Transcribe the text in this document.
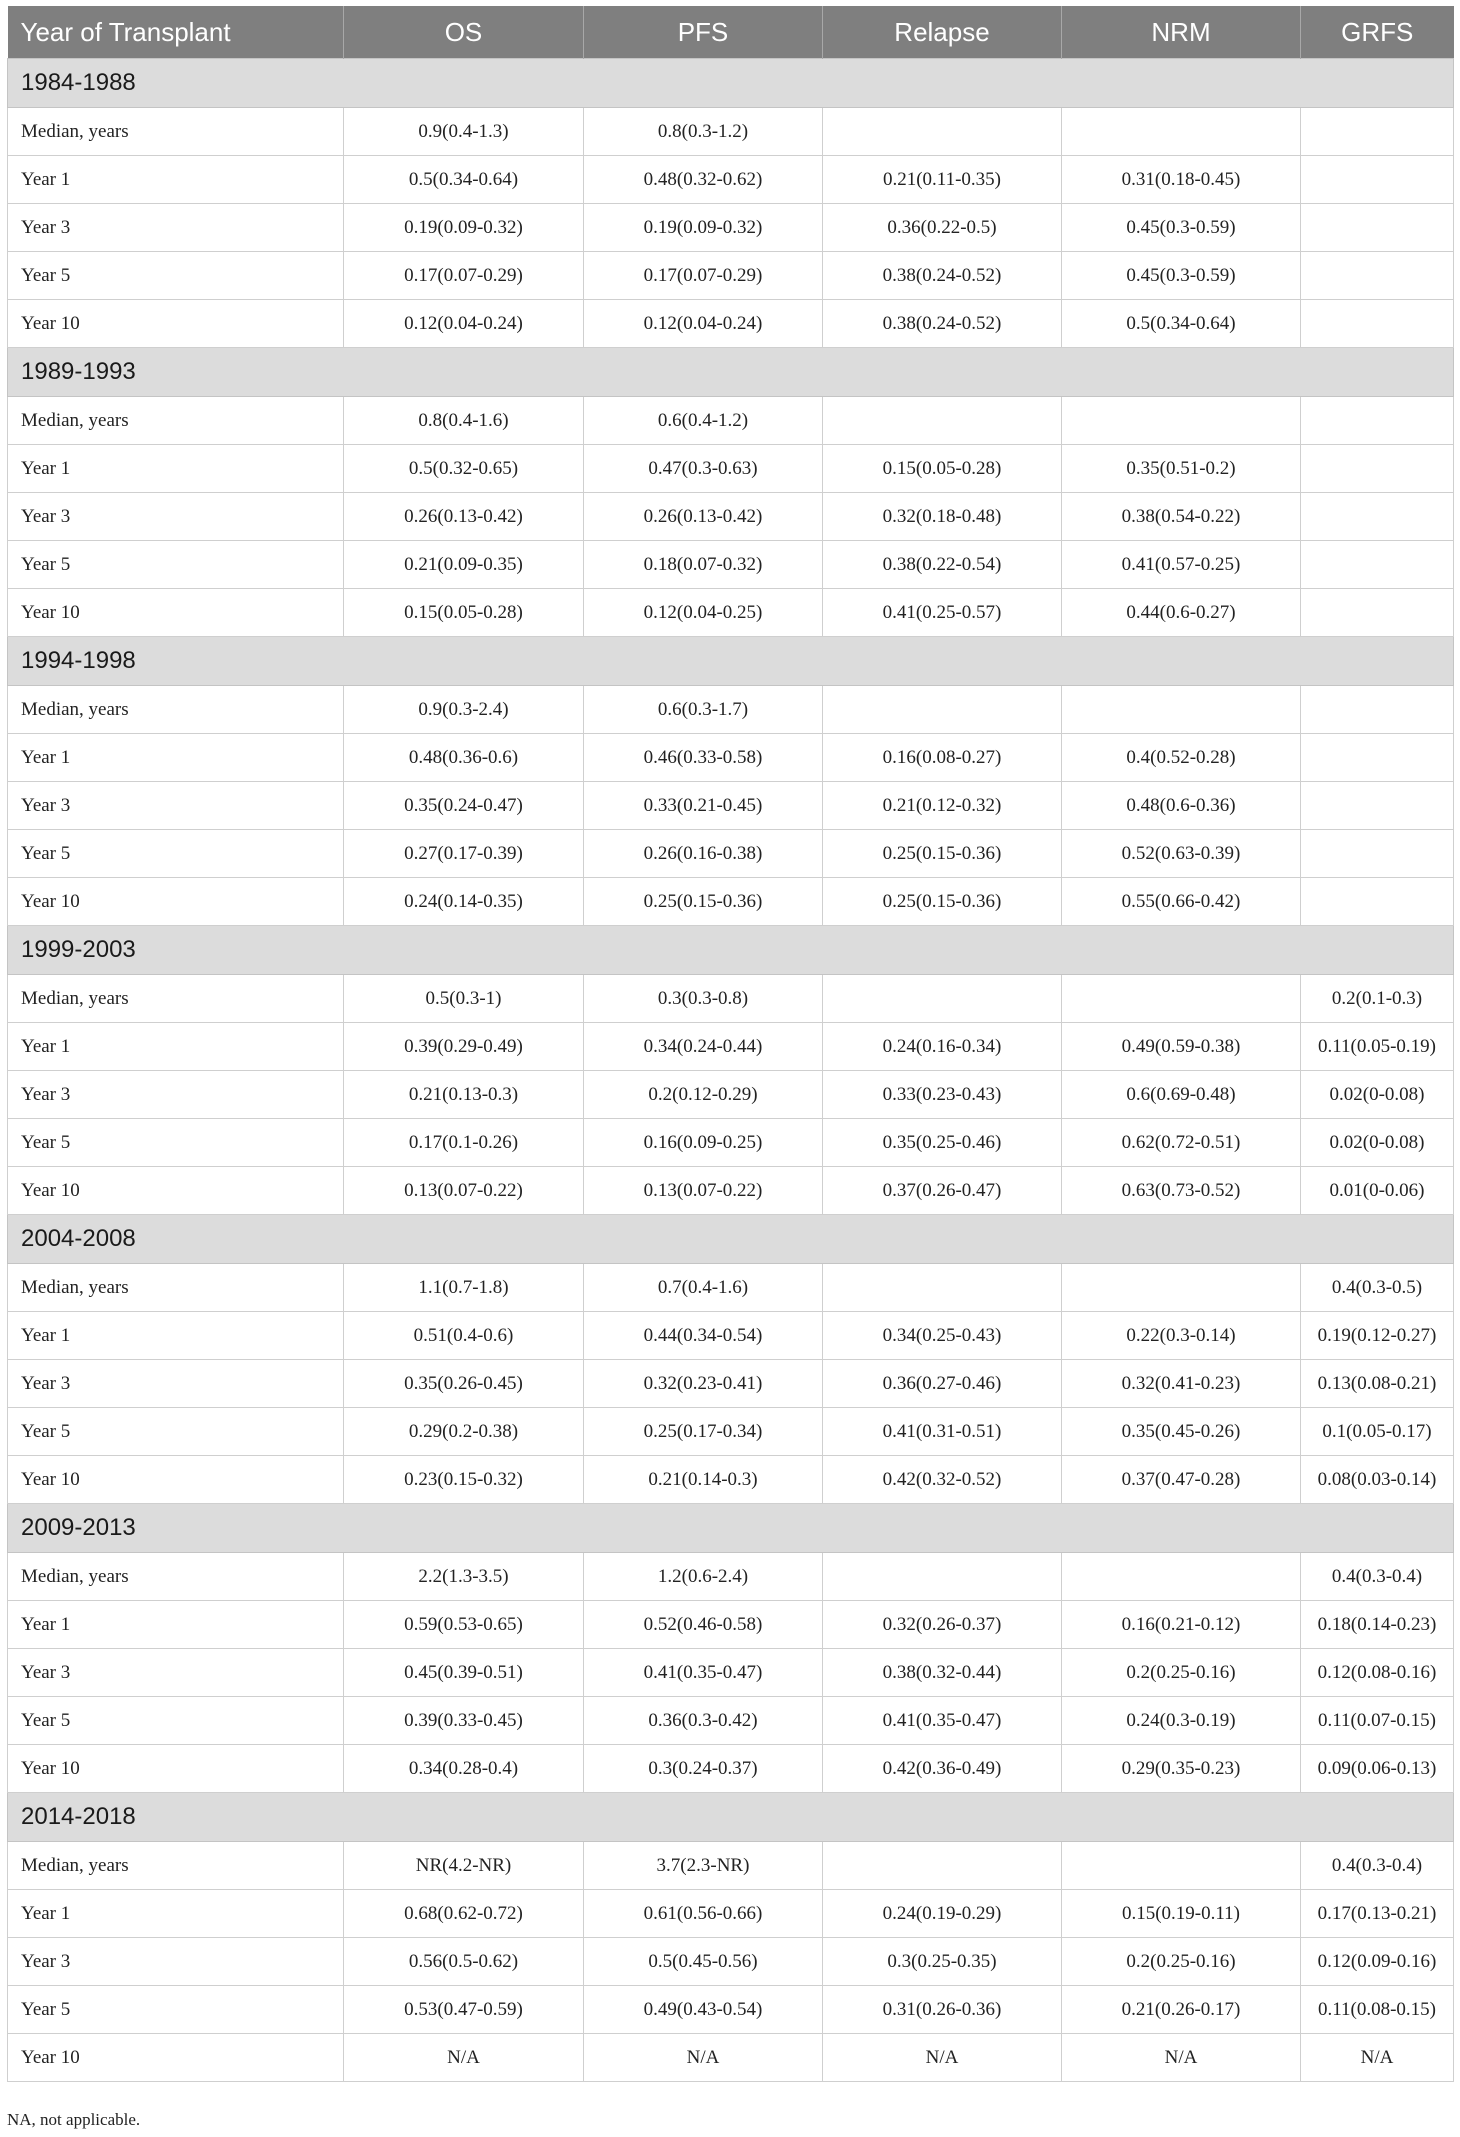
Year of Transplant	OS	PFS	Relapse	NRM	GRFS
1984-1988					
Median, years	0.9(0.4-1.3)	0.8(0.3-1.2)			
Year 1	0.5(0.34-0.64)	0.48(0.32-0.62)	0.21(0.11-0.35)	0.31(0.18-0.45)	
Year 3	0.19(0.09-0.32)	0.19(0.09-0.32)	0.36(0.22-0.5)	0.45(0.3-0.59)	
Year 5	0.17(0.07-0.29)	0.17(0.07-0.29)	0.38(0.24-0.52)	0.45(0.3-0.59)	
Year 10	0.12(0.04-0.24)	0.12(0.04-0.24)	0.38(0.24-0.52)	0.5(0.34-0.64)	
1989-1993					
Median, years	0.8(0.4-1.6)	0.6(0.4-1.2)			
Year 1	0.5(0.32-0.65)	0.47(0.3-0.63)	0.15(0.05-0.28)	0.35(0.51-0.2)	
Year 3	0.26(0.13-0.42)	0.26(0.13-0.42)	0.32(0.18-0.48)	0.38(0.54-0.22)	
Year 5	0.21(0.09-0.35)	0.18(0.07-0.32)	0.38(0.22-0.54)	0.41(0.57-0.25)	
Year 10	0.15(0.05-0.28)	0.12(0.04-0.25)	0.41(0.25-0.57)	0.44(0.6-0.27)	
1994-1998					
Median, years	0.9(0.3-2.4)	0.6(0.3-1.7)			
Year 1	0.48(0.36-0.6)	0.46(0.33-0.58)	0.16(0.08-0.27)	0.4(0.52-0.28)	
Year 3	0.35(0.24-0.47)	0.33(0.21-0.45)	0.21(0.12-0.32)	0.48(0.6-0.36)	
Year 5	0.27(0.17-0.39)	0.26(0.16-0.38)	0.25(0.15-0.36)	0.52(0.63-0.39)	
Year 10	0.24(0.14-0.35)	0.25(0.15-0.36)	0.25(0.15-0.36)	0.55(0.66-0.42)	
1999-2003					
Median, years	0.5(0.3-1)	0.3(0.3-0.8)			0.2(0.1-0.3)
Year 1	0.39(0.29-0.49)	0.34(0.24-0.44)	0.24(0.16-0.34)	0.49(0.59-0.38)	0.11(0.05-0.19)
Year 3	0.21(0.13-0.3)	0.2(0.12-0.29)	0.33(0.23-0.43)	0.6(0.69-0.48)	0.02(0-0.08)
Year 5	0.17(0.1-0.26)	0.16(0.09-0.25)	0.35(0.25-0.46)	0.62(0.72-0.51)	0.02(0-0.08)
Year 10	0.13(0.07-0.22)	0.13(0.07-0.22)	0.37(0.26-0.47)	0.63(0.73-0.52)	0.01(0-0.06)
2004-2008					
Median, years	1.1(0.7-1.8)	0.7(0.4-1.6)			0.4(0.3-0.5)
Year 1	0.51(0.4-0.6)	0.44(0.34-0.54)	0.34(0.25-0.43)	0.22(0.3-0.14)	0.19(0.12-0.27)
Year 3	0.35(0.26-0.45)	0.32(0.23-0.41)	0.36(0.27-0.46)	0.32(0.41-0.23)	0.13(0.08-0.21)
Year 5	0.29(0.2-0.38)	0.25(0.17-0.34)	0.41(0.31-0.51)	0.35(0.45-0.26)	0.1(0.05-0.17)
Year 10	0.23(0.15-0.32)	0.21(0.14-0.3)	0.42(0.32-0.52)	0.37(0.47-0.28)	0.08(0.03-0.14)
2009-2013					
Median, years	2.2(1.3-3.5)	1.2(0.6-2.4)			0.4(0.3-0.4)
Year 1	0.59(0.53-0.65)	0.52(0.46-0.58)	0.32(0.26-0.37)	0.16(0.21-0.12)	0.18(0.14-0.23)
Year 3	0.45(0.39-0.51)	0.41(0.35-0.47)	0.38(0.32-0.44)	0.2(0.25-0.16)	0.12(0.08-0.16)
Year 5	0.39(0.33-0.45)	0.36(0.3-0.42)	0.41(0.35-0.47)	0.24(0.3-0.19)	0.11(0.07-0.15)
Year 10	0.34(0.28-0.4)	0.3(0.24-0.37)	0.42(0.36-0.49)	0.29(0.35-0.23)	0.09(0.06-0.13)
2014-2018					
Median, years	NR(4.2-NR)	3.7(2.3-NR)			0.4(0.3-0.4)
Year 1	0.68(0.62-0.72)	0.61(0.56-0.66)	0.24(0.19-0.29)	0.15(0.19-0.11)	0.17(0.13-0.21)
Year 3	0.56(0.5-0.62)	0.5(0.45-0.56)	0.3(0.25-0.35)	0.2(0.25-0.16)	0.12(0.09-0.16)
Year 5	0.53(0.47-0.59)	0.49(0.43-0.54)	0.31(0.26-0.36)	0.21(0.26-0.17)	0.11(0.08-0.15)
Year 10	N/A	N/A	N/A	N/A	N/A
NA, not applicable.
